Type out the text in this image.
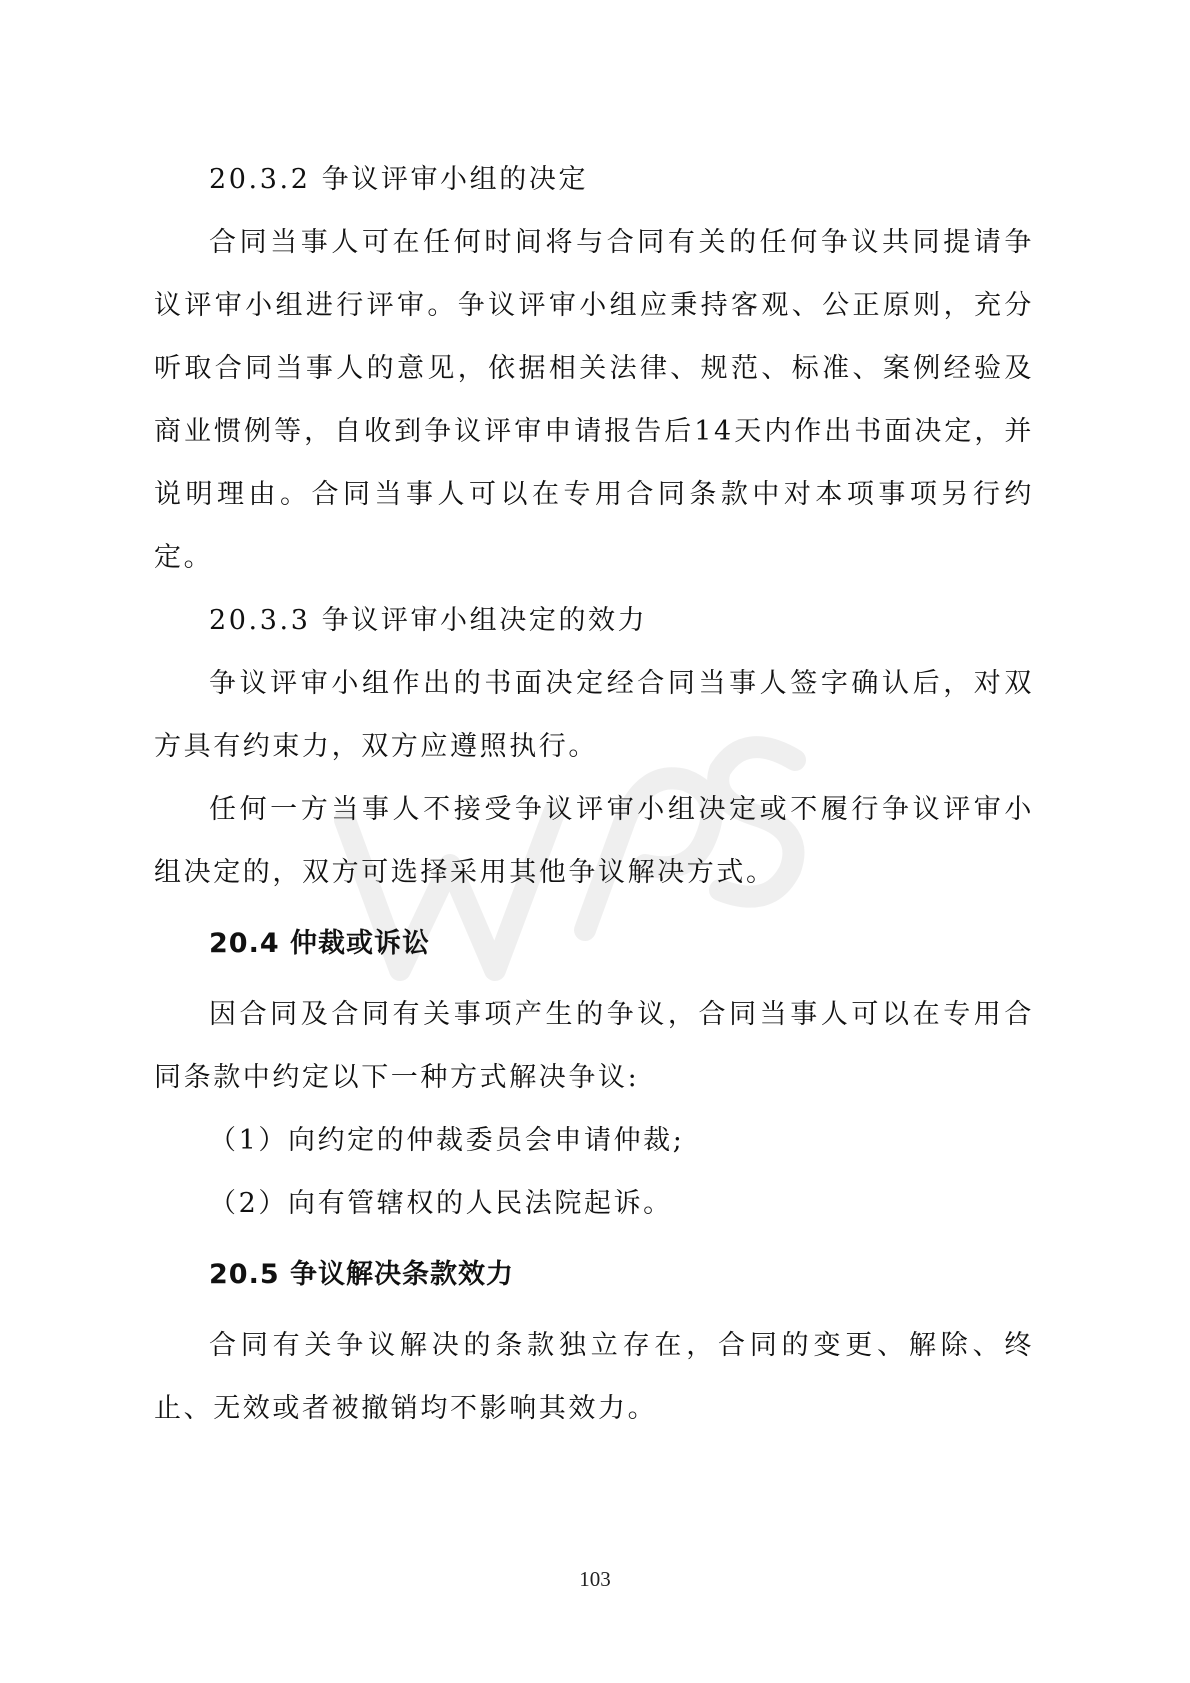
WPS

20.3.2 争议评审小组的决定

合同当事人可在任何时间将与合同有关的任何争议共同提请争议评审小组进行评审。争议评审小组应秉持客观、公正原则，充分听取合同当事人的意见，依据相关法律、规范、标准、案例经验及商业惯例等，自收到争议评审申请报告后14天内作出书面决定，并说明理由。合同当事人可以在专用合同条款中对本项事项另行约定。

20.3.3 争议评审小组决定的效力

争议评审小组作出的书面决定经合同当事人签字确认后，对双方具有约束力，双方应遵照执行。

任何一方当事人不接受争议评审小组决定或不履行争议评审小组决定的，双方可选择采用其他争议解决方式。

20.4 仲裁或诉讼

因合同及合同有关事项产生的争议，合同当事人可以在专用合同条款中约定以下一种方式解决争议:

（1）向约定的仲裁委员会申请仲裁;

（2）向有管辖权的人民法院起诉。

20.5 争议解决条款效力

合同有关争议解决的条款独立存在，合同的变更、解除、终止、无效或者被撤销均不影响其效力。

103
